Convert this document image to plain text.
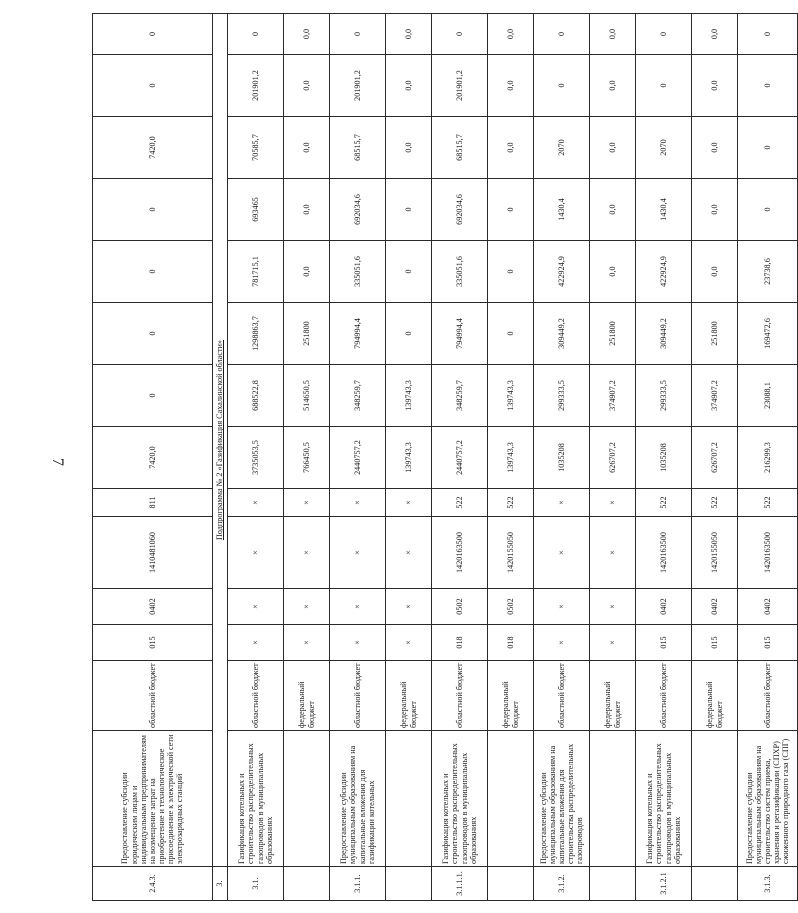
7
2.4.3.	Предоставление субсидии юридическим лицам и индивидуальным предпринимателям на возмещение затрат на приобретение и технологическое присоединение к электрической сети электрозарядных станций	областной бюджет	015	0402	1410481060	811	7420,0	0	0	0	0	7420,0	0	0
3.	Подпрограмма № 2 «Газификация Сахалинской области»													
3.1.	Газификация котельных и строительство распределительных газопроводов в муниципальных образованиях	областной бюджет	×	×	×	×	3735053,5	688522,8	1298863,7	781715,1	693465	70585,7	201901,2	0
		федеральный бюджет	×	×	×	×	766450,5	514650,5	251800	0,0	0,0	0,0	0,0	0,0
3.1.1.	Предоставление субсидии муниципальным образованиям на капитальные вложения для газификации котельных	областной бюджет	×	×	×	×	2440757,2	348259,7	794994,4	335051,6	692034,6	68515,7	201901,2	0
		федеральный бюджет	×	×	×	×	139743,3	139743,3	0	0	0	0,0	0,0	0,0
3.1.1.1.	Газификация котельных и строительство распределительных газопроводов в муниципальных образованиях	областной бюджет	018	0502	1420163500	522	2440757,2	348259,7	794994,4	335051,6	692034,6	68515,7	201901,2	0
		федеральный бюджет	018	0502	1420155050	522	139743,3	139743,3	0	0	0	0,0	0,0	0,0
3.1.2.	Предоставление субсидии муниципальным образованиям на капитальные вложения для строительства распределительных газопроводов	областной бюджет	×	×	×	×	1035208	299333,5	309449,2	422924,9	1430,4	2070	0	0
		федеральный бюджет	×	×	×	×	626707,2	374907,2	251800	0,0	0,0	0,0	0,0	0,0
3.1.2.1	Газификация котельных и строительство распределительных газопроводов в муниципальных образованиях	областной бюджет	015	0402	1420163500	522	1035208	299333,5	309449,2	422924,9	1430,4	2070	0	0
		федеральный бюджет	015	0402	1420155050	522	626707,2	374907,2	251800	0,0	0,0	0,0	0,0	0,0
3.1.3.	Предоставление субсидии муниципальным образованиям на строительство систем приема, хранения и регазификации (СПХР) сжиженного природного газа (СПГ)	областной бюджет	015	0402	1420163500	522	216299,3	23088,1	169472,6	23738,6	0	0	0	0
